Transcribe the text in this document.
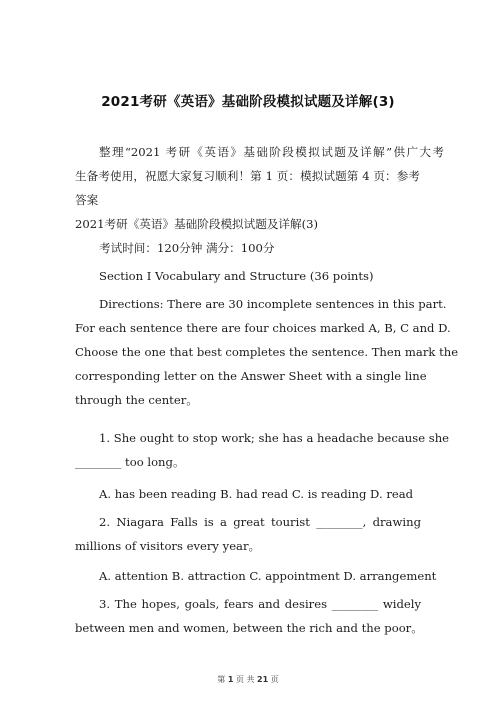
2021考研《英语》基础阶段模拟试题及详解(3)
整理“2021 考研《英语》基础阶段模拟试题及详解”供广大考
生备考使用，祝愿大家复习顺利！第 1 页：模拟试题第 4 页：参考
答案
2021考研《英语》基础阶段模拟试题及详解(3)
考试时间：120分钟 满分：100分
Section I Vocabulary and Structure (36 points)
Directions: There are 30 incomplete sentences in this part.
For each sentence there are four choices marked A, B, C and D.
Choose the one that best completes the sentence. Then mark the
corresponding letter on the Answer Sheet with a single line
through the center。
1. She ought to stop work; she has a headache because she
________ too long。
A. has been reading B. had read C. is reading D. read
2. Niagara Falls is a great tourist ________, drawing
millions of visitors every year。
A. attention B. attraction C. appointment D. arrangement
3. The hopes, goals, fears and desires ________ widely
between men and women, between the rich and the poor。
第 1 页 共 21 页
